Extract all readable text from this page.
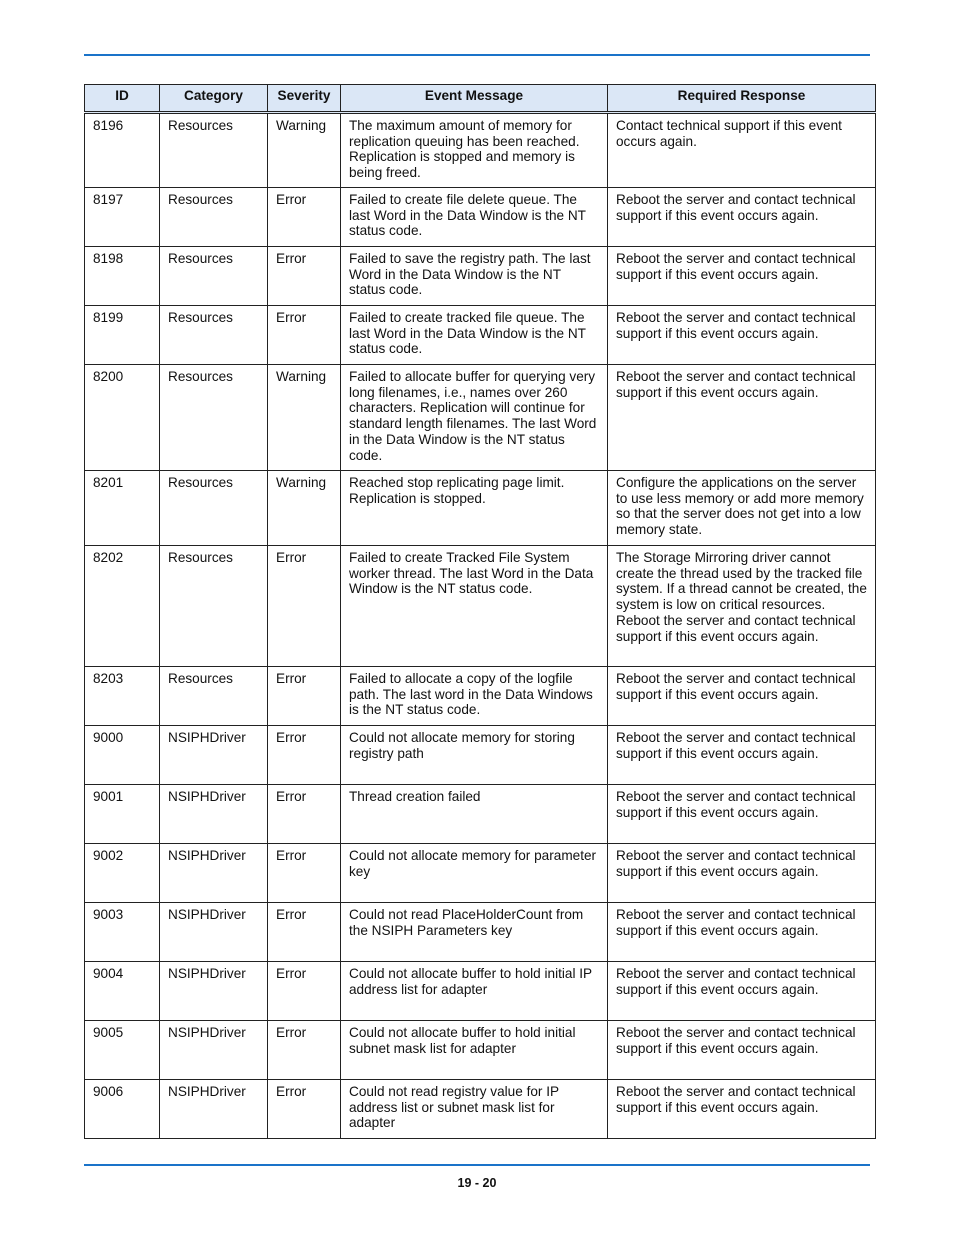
ID	Category	Severity	Event Message	Required Response
8196	Resources	Warning	The maximum amount of memory for replication queuing has been reached. Replication is stopped and memory is being freed.	Contact technical support if this event occurs again.
8197	Resources	Error	Failed to create file delete queue. The last Word in the Data Window is the NT status code.	Reboot the server and contact technical support if this event occurs again.
8198	Resources	Error	Failed to save the registry path. The last Word in the Data Window is the NT status code.	Reboot the server and contact technical support if this event occurs again.
8199	Resources	Error	Failed to create tracked file queue. The last Word in the Data Window is the NT status code.	Reboot the server and contact technical support if this event occurs again.
8200	Resources	Warning	Failed to allocate buffer for querying very long filenames, i.e., names over 260 characters. Replication will continue for standard length filenames. The last Word in the Data Window is the NT status code.	Reboot the server and contact technical support if this event occurs again.
8201	Resources	Warning	Reached stop replicating page limit. Replication is stopped.	Configure the applications on the server to use less memory or add more memory so that the server does not get into a low memory state.
8202	Resources	Error	Failed to create Tracked File System worker thread. The last Word in the Data Window is the NT status code.	The Storage Mirroring driver cannot create the thread used by the tracked file system. If a thread cannot be created, the system is low on critical resources. Reboot the server and contact technical support if this event occurs again.
8203	Resources	Error	Failed to allocate a copy of the logfile path. The last word in the Data Windows is the NT status code.	Reboot the server and contact technical support if this event occurs again.
9000	NSIPHDriver	Error	Could not allocate memory for storing registry path	Reboot the server and contact technical support if this event occurs again.
9001	NSIPHDriver	Error	Thread creation failed	Reboot the server and contact technical support if this event occurs again.
9002	NSIPHDriver	Error	Could not allocate memory for parameter key	Reboot the server and contact technical support if this event occurs again.
9003	NSIPHDriver	Error	Could not read PlaceHolderCount from the NSIPH Parameters key	Reboot the server and contact technical support if this event occurs again.
9004	NSIPHDriver	Error	Could not allocate buffer to hold initial IP address list for adapter	Reboot the server and contact technical support if this event occurs again.
9005	NSIPHDriver	Error	Could not allocate buffer to hold initial subnet mask list for adapter	Reboot the server and contact technical support if this event occurs again.
9006	NSIPHDriver	Error	Could not read registry value for IP address list or subnet mask list for adapter	Reboot the server and contact technical support if this event occurs again.
19 - 20
